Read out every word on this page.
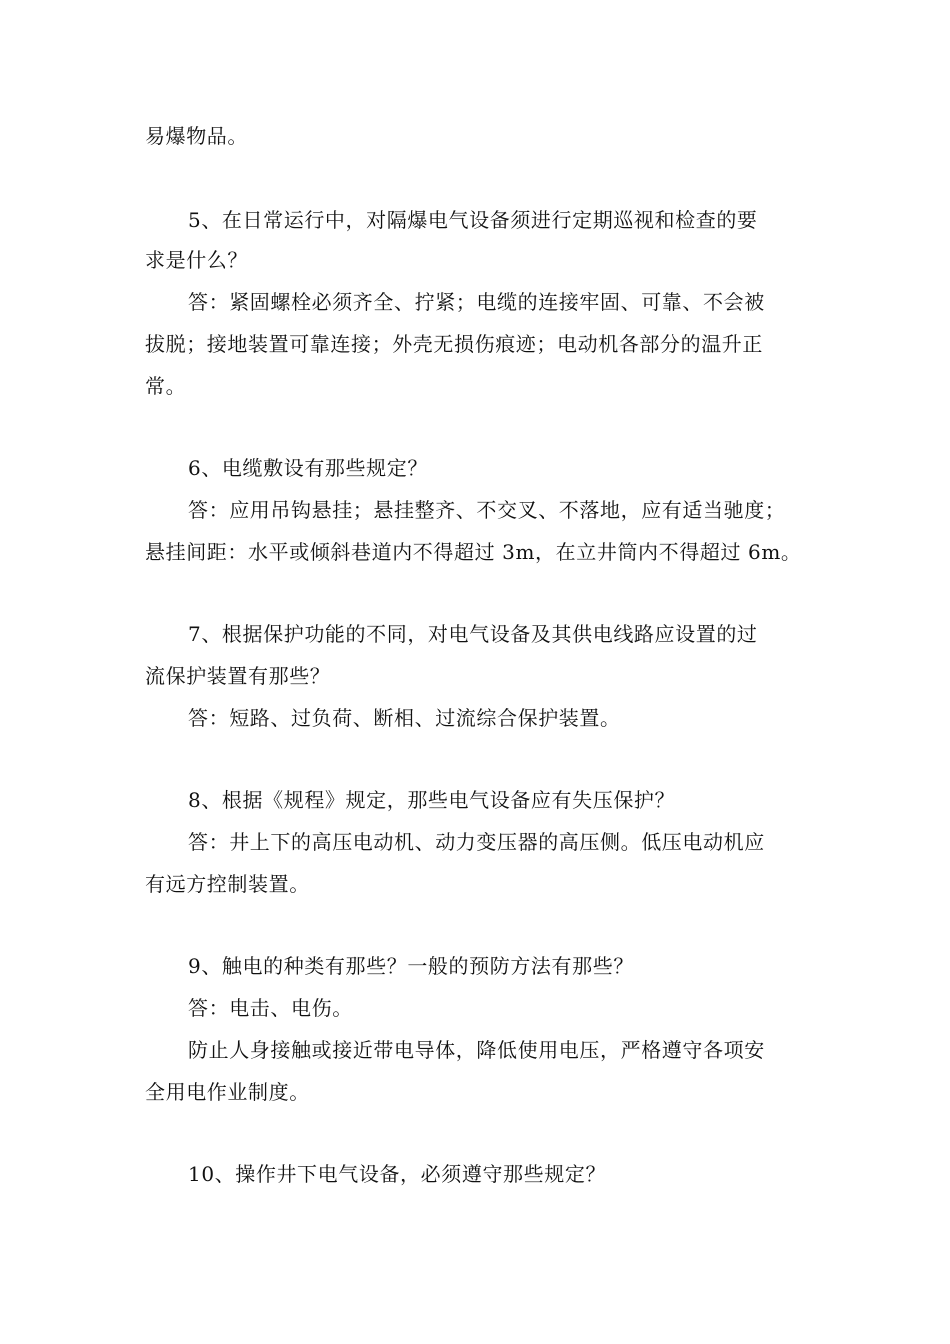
易爆物品。
5、在日常运行中，对隔爆电气设备须进行定期巡视和检查的要
求是什么？
答：紧固螺栓必须齐全、拧紧；电缆的连接牢固、可靠、不会被
拔脱；接地装置可靠连接；外壳无损伤痕迹；电动机各部分的温升正
常。
6、电缆敷设有那些规定？
答：应用吊钩悬挂；悬挂整齐、不交叉、不落地，应有适当驰度；
悬挂间距：水平或倾斜巷道内不得超过 3m，在立井筒内不得超过 6m。
7、根据保护功能的不同，对电气设备及其供电线路应设置的过
流保护装置有那些？
答：短路、过负荷、断相、过流综合保护装置。
8、根据《规程》规定，那些电气设备应有失压保护？
答：井上下的高压电动机、动力变压器的高压侧。低压电动机应
有远方控制装置。
9、触电的种类有那些？一般的预防方法有那些？
答：电击、电伤。
防止人身接触或接近带电导体，降低使用电压，严格遵守各项安
全用电作业制度。
10、操作井下电气设备，必须遵守那些规定？
